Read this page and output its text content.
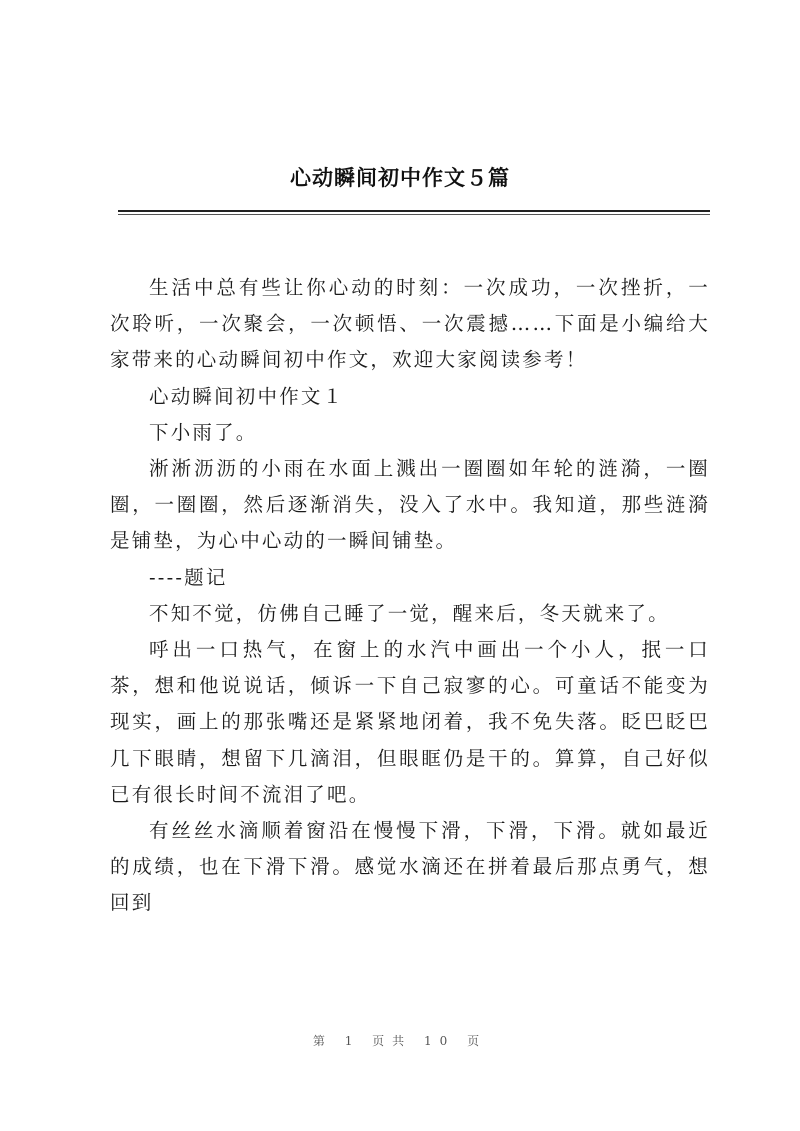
心动瞬间初中作文５篇

生活中总有些让你心动的时刻：一次成功，一次挫折，一次聆听，一次聚会，一次顿悟、一次震撼……下面是小编给大家带来的心动瞬间初中作文，欢迎大家阅读参考！

心动瞬间初中作文１

下小雨了。

淅淅沥沥的小雨在水面上溅出一圈圈如年轮的涟漪，一圈圈，一圈圈，然后逐渐消失，没入了水中。我知道，那些涟漪是铺垫，为心中心动的一瞬间铺垫。

----题记

不知不觉，仿佛自己睡了一觉，醒来后，冬天就来了。

呼出一口热气，在窗上的水汽中画出一个小人，抿一口茶，想和他说说话，倾诉一下自己寂寥的心。可童话不能变为现实，画上的那张嘴还是紧紧地闭着，我不免失落。眨巴眨巴几下眼睛，想留下几滴泪，但眼眶仍是干的。算算，自己好似已有很长时间不流泪了吧。

有丝丝水滴顺着窗沿在慢慢下滑，下滑，下滑。就如最近的成绩，也在下滑下滑。感觉水滴还在拼着最后那点勇气，想回到

第 1 页共 10 页
